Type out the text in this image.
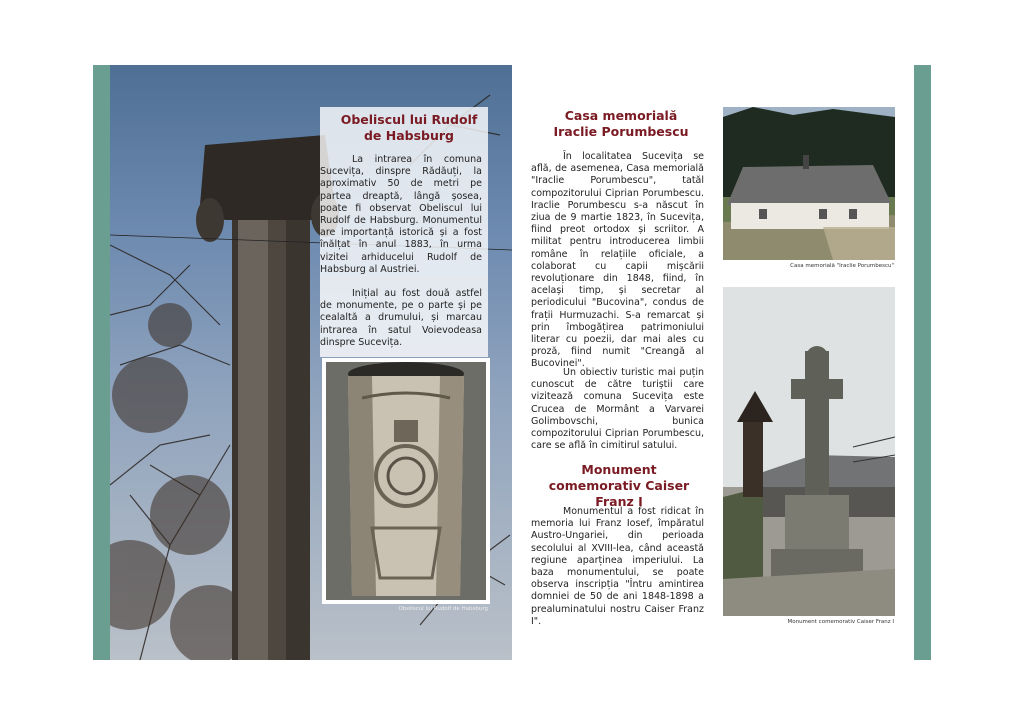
Obeliscul lui Rudolf de Habsburg

La intrarea în comuna Sucevița, dinspre Rădăuți, la aproximativ 50 de metri pe partea dreaptă, lângă șosea, poate fi observat Obeliscul lui Rudolf de Habsburg. Monumentul are importanță istorică și a fost înălțat în anul 1883, în urma vizitei arhiducelui Rudolf de Habsburg al Austriei.

Inițial au fost două astfel de monumente, pe o parte și pe cealaltă a drumului, și marcau intrarea în satul Voievodeasa dinspre Sucevița.

Obeliscul lui Rudolf de Habsburg
Casa memorială Iraclie Porumbescu

În localitatea Sucevița se află, de asemenea, Casa memorială "Iraclie Porumbescu", tatăl compozitorului Ciprian Porumbescu. Iraclie Porumbescu s-a născut în ziua de 9 martie 1823, în Sucevița, fiind preot ortodox și scriitor. A militat pentru introducerea limbii române în relațiile oficiale, a colaborat cu capii mișcării revoluționare din 1848, fiind, în același timp, și secretar al periodicului "Bucovina", condus de frații Hurmuzachi. S-a remarcat și prin îmbogățirea patrimoniului literar cu poezii, dar mai ales cu proză, fiind numit "Creangă al Bucovinei".

Un obiectiv turistic mai puțin cunoscut de către turiștii care vizitează comuna Sucevița este Crucea de Mormânt a Varvarei Golimbovschi, bunica compozitorului Ciprian Porumbescu, care se află în cimitirul satului.

Monument comemorativ Caiser Franz I

Monumentul a fost ridicat în memoria lui Franz Iosef, împăratul Austro-Ungariei, din perioada secolului al XVIII-lea, când această regiune aparținea imperiului. La baza monumentului, se poate observa inscripția "Întru amintirea domniei de 50 de ani 1848-1898 a prealuminatului nostru Caiser Franz I".

Casa memorială "Iraclie Porumbescu"
Monument comemorativ Caiser Franz I
